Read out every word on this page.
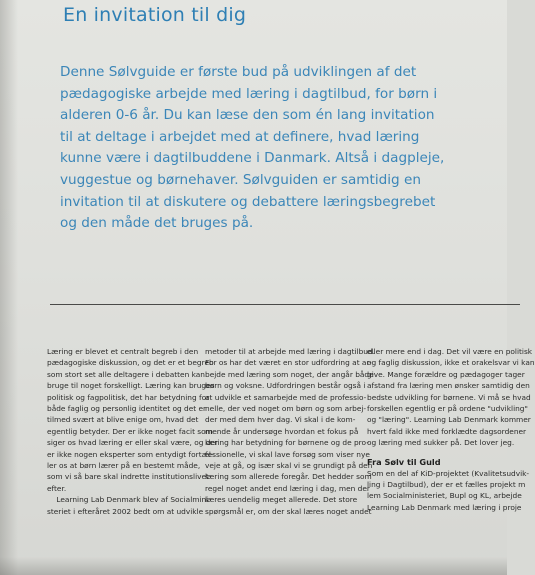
En invitation til dig
Denne Sølvguide er første bud på udviklingen af det
pædagogiske arbejde med læring i dagtilbud, for børn i
alderen 0-6 år. Du kan læse den som én lang invitation
til at deltage i arbejdet med at definere, hvad læring
kunne være i dagtilbuddene i Danmark. Altså i dagpleje,
vuggestue og børnehaver. Sølvguiden er samtidig en
invitation til at diskutere og debattere læringsbegrebet
og den måde det bruges på.
Læring er blevet et centralt begreb i den
pædagogiske diskussion, og det er et begreb
som stort set alle deltagere i debatten kan
bruge til noget forskelligt. Læring kan bruges
politisk og fagpolitisk, det har betydning for
både faglig og personlig identitet og det er
tilmed svært at blive enige om, hvad det
egentlig betyder. Der er ikke noget facit som
siger os hvad læring er eller skal være, og der
er ikke nogen eksperter som entydigt fortæl-
ler os at børn lærer på en bestemt måde,
som vi så bare skal indrette institutionslivet
efter.
Learning Lab Denmark blev af Socialmini-
steriet i efteråret 2002 bedt om at udvikle
metoder til at arbejde med læring i dagtilbud.
For os har det været en stor udfordring at ar-
bejde med læring som noget, der angår både
børn og voksne. Udfordringen består også i
at udvikle et samarbejde med de professio-
nelle, der ved noget om børn og som arbej-
der med dem hver dag. Vi skal i de kom-
mende år undersøge hvordan et fokus på
læring har betydning for børnene og de pro-
fessionelle, vi skal lave forsøg som viser nye
veje at gå, og især skal vi se grundigt på den
læring som allerede foregår. Det hedder som
regel noget andet end læring i dag, men der
læres uendelig meget allerede. Det store
spørgsmål er, om der skal læres noget andet
eller mere end i dag. Det vil være en politisk
og faglig diskussion, ikke et orakelsvar vi kan
give. Mange forældre og pædagoger tager
afstand fra læring men ønsker samtidig den
bedste udvikling for børnene. Vi må se hvad
forskellen egentlig er på ordene "udvikling"
og "læring". Learning Lab Denmark kommer
hvert fald ikke med forklædte dagsordener
og læring med sukker på. Det lover jeg.
Fra Sølv til Guld
Som en del af KiD-projektet (Kvalitetsudvik-
ling i Dagtilbud), der er et fælles projekt m
lem Socialministeriet, Bupl og KL, arbejde
Learning Lab Denmark med læring i proje
